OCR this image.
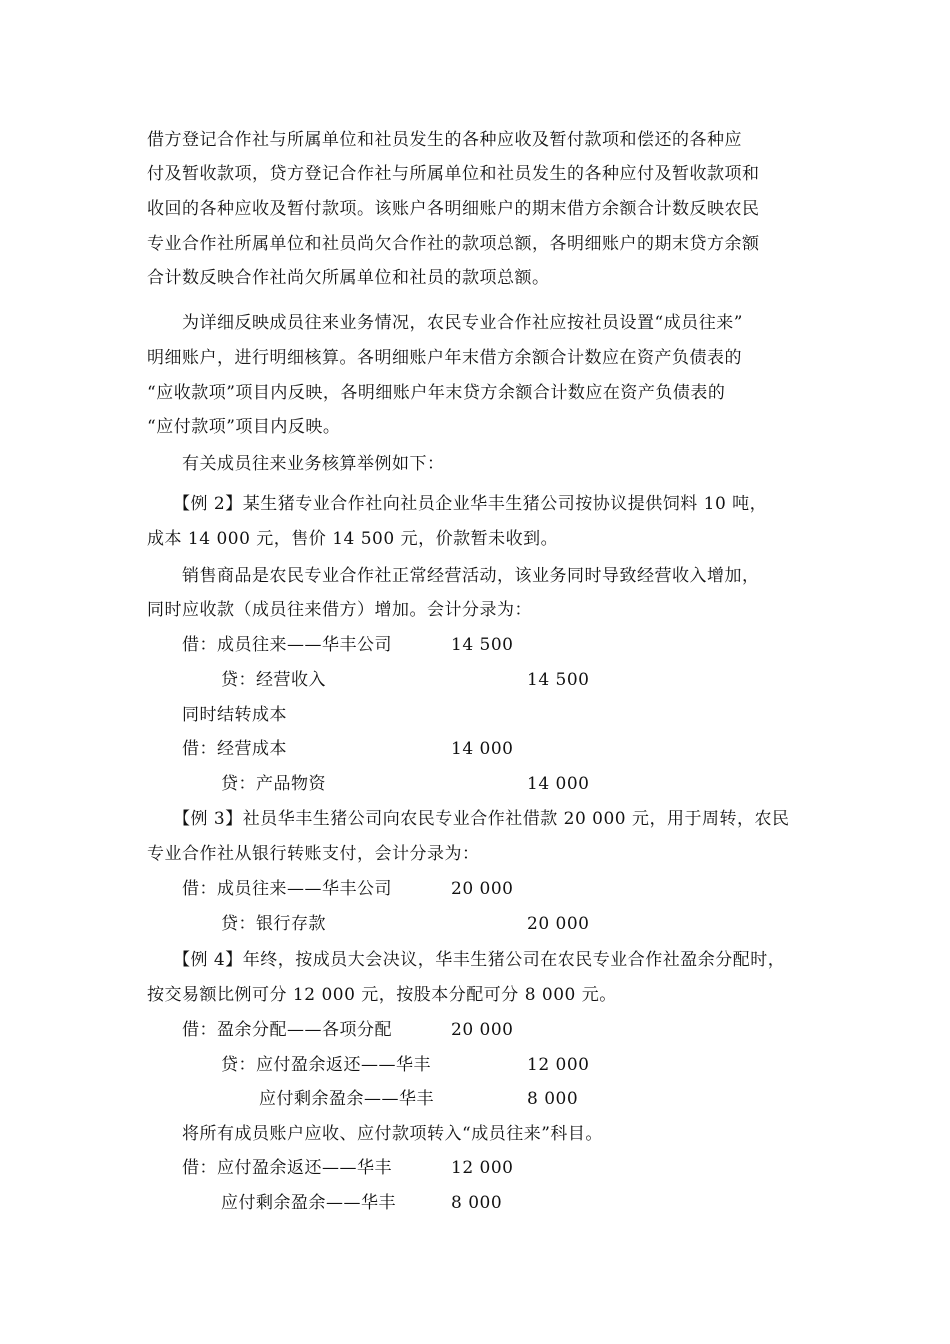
借方登记合作社与所属单位和社员发生的各种应收及暂付款项和偿还的各种应
付及暂收款项，贷方登记合作社与所属单位和社员发生的各种应付及暂收款项和
收回的各种应收及暂付款项。该账户各明细账户的期末借方余额合计数反映农民
专业合作社所属单位和社员尚欠合作社的款项总额，各明细账户的期末贷方余额
合计数反映合作社尚欠所属单位和社员的款项总额。
为详细反映成员往来业务情况，农民专业合作社应按社员设置“成员往来”
明细账户，进行明细核算。各明细账户年末借方余额合计数应在资产负债表的
“应收款项”项目内反映，各明细账户年末贷方余额合计数应在资产负债表的
“应付款项”项目内反映。
有关成员往来业务核算举例如下：
【例 2】某生猪专业合作社向社员企业华丰生猪公司按协议提供饲料 10 吨，
成本 14 000 元，售价 14 500 元，价款暂未收到。
销售商品是农民专业合作社正常经营活动，该业务同时导致经营收入增加，
同时应收款（成员往来借方）增加。会计分录为：
借：成员往来——华丰公司	14 500
贷：经营收入	14 500
同时结转成本
借：经营成本	14 000
贷：产品物资	14 000
【例 3】社员华丰生猪公司向农民专业合作社借款 20 000 元，用于周转，农民
专业合作社从银行转账支付，会计分录为：
借：成员往来——华丰公司	20 000
贷：银行存款	20 000
【例 4】年终，按成员大会决议，华丰生猪公司在农民专业合作社盈余分配时，
按交易额比例可分 12 000 元，按股本分配可分 8 000 元。
借：盈余分配——各项分配	20 000
贷：应付盈余返还——华丰	12 000
应付剩余盈余——华丰	8 000
将所有成员账户应收、应付款项转入“成员往来”科目。
借：应付盈余返还——华丰	12 000
应付剩余盈余——华丰	8 000
